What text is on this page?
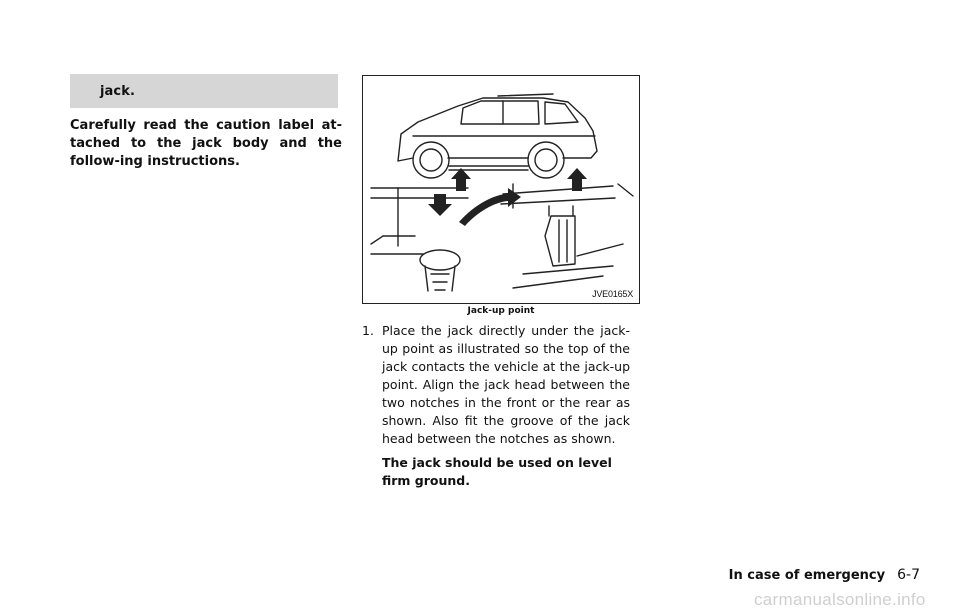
jack.
Carefully read the caution label at-tached to the jack body and the follow-ing instructions.
JVE0165X
Jack-up point
1. Place the jack directly under the jack-up point as illustrated so the top of the jack contacts the vehicle at the jack-up point. Align the jack head between the two notches in the front or the rear as shown. Also fit the groove of the jack head between the notches as shown.
The jack should be used on level firm ground.
In case of emergency 6-7
carmanualsonline.info
